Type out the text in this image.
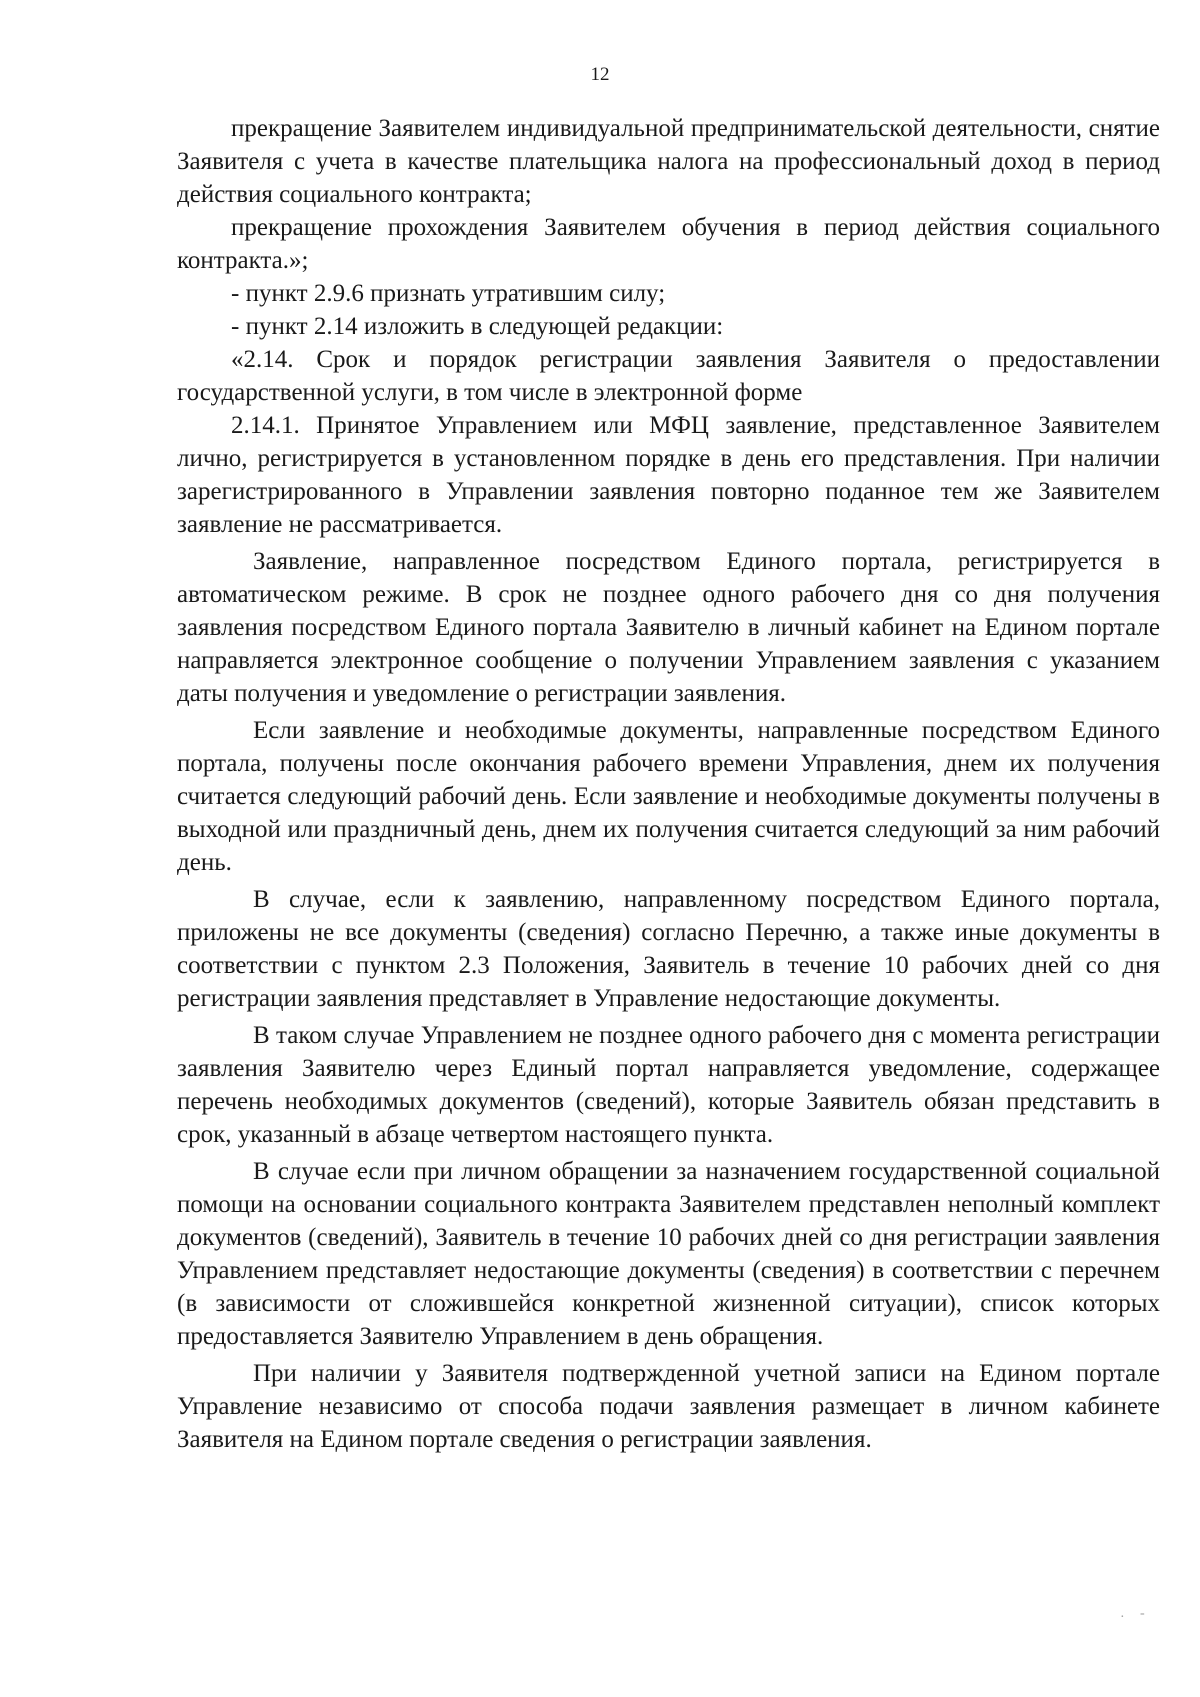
12

прекращение Заявителем индивидуальной предпринимательской деятельности, снятие Заявителя с учета в качестве плательщика налога на профессиональный доход в период действия социального контракта;

прекращение прохождения Заявителем обучения в период действия социального контракта.»;

- пункт 2.9.6 признать утратившим силу;

- пункт 2.14 изложить в следующей редакции:

«2.14. Срок и порядок регистрации заявления Заявителя о предоставлении государственной услуги, в том числе в электронной форме

2.14.1. Принятое Управлением или МФЦ заявление, представленное Заявителем лично, регистрируется в установленном порядке в день его представления. При наличии зарегистрированного в Управлении заявления повторно поданное тем же Заявителем заявление не рассматривается.

Заявление, направленное посредством Единого портала, регистрируется в автоматическом режиме. В срок не позднее одного рабочего дня со дня получения заявления посредством Единого портала Заявителю в личный кабинет на Едином портале направляется электронное сообщение о получении Управлением заявления с указанием даты получения и уведомление о регистрации заявления.

Если заявление и необходимые документы, направленные посредством Единого портала, получены после окончания рабочего времени Управления, днем их получения считается следующий рабочий день. Если заявление и необходимые документы получены в выходной или праздничный день, днем их получения считается следующий за ним рабочий день.

В случае, если к заявлению, направленному посредством Единого портала, приложены не все документы (сведения) согласно Перечню, а также иные документы в соответствии с пунктом 2.3 Положения, Заявитель в течение 10 рабочих дней со дня регистрации заявления представляет в Управление недостающие документы.

В таком случае Управлением не позднее одного рабочего дня с момента регистрации заявления Заявителю через Единый портал направляется уведомление, содержащее перечень необходимых документов (сведений), которые Заявитель обязан представить в срок, указанный в абзаце четвертом настоящего пункта.

В случае если при личном обращении за назначением государственной социальной помощи на основании социального контракта Заявителем представлен неполный комплект документов (сведений), Заявитель в течение 10 рабочих дней со дня регистрации заявления Управлением представляет недостающие документы (сведения) в соответствии с перечнем (в зависимости от сложившейся конкретной жизненной ситуации), список которых предоставляется Заявителю Управлением в день обращения.

При наличии у Заявителя подтвержденной учетной записи на Едином портале Управление независимо от способа подачи заявления размещает в личном кабинете Заявителя на Едином портале сведения о регистрации заявления.

· -
